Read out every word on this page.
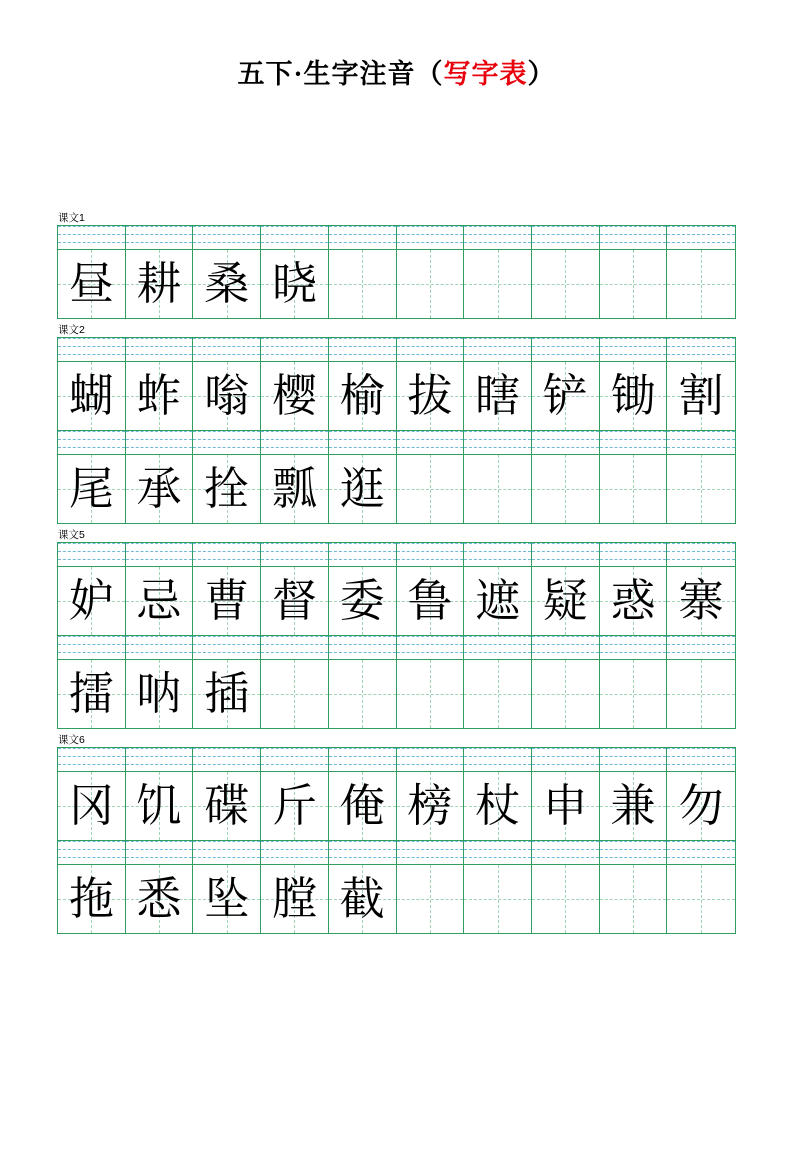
五下·生字注音（写字表）
课文1
昼 耕 桑 晓
课文2
蝴 蚱 嗡 樱 榆 拔 瞎 铲 锄 割
尾 承 拴 瓢 逛
课文5
妒 忌 曹 督 委 鲁 遮 疑 惑 寨
擂 呐 插
课文6
冈 饥 碟 斤 俺 榜 杖 申 兼 勿
拖 悉 坠 膛 截
